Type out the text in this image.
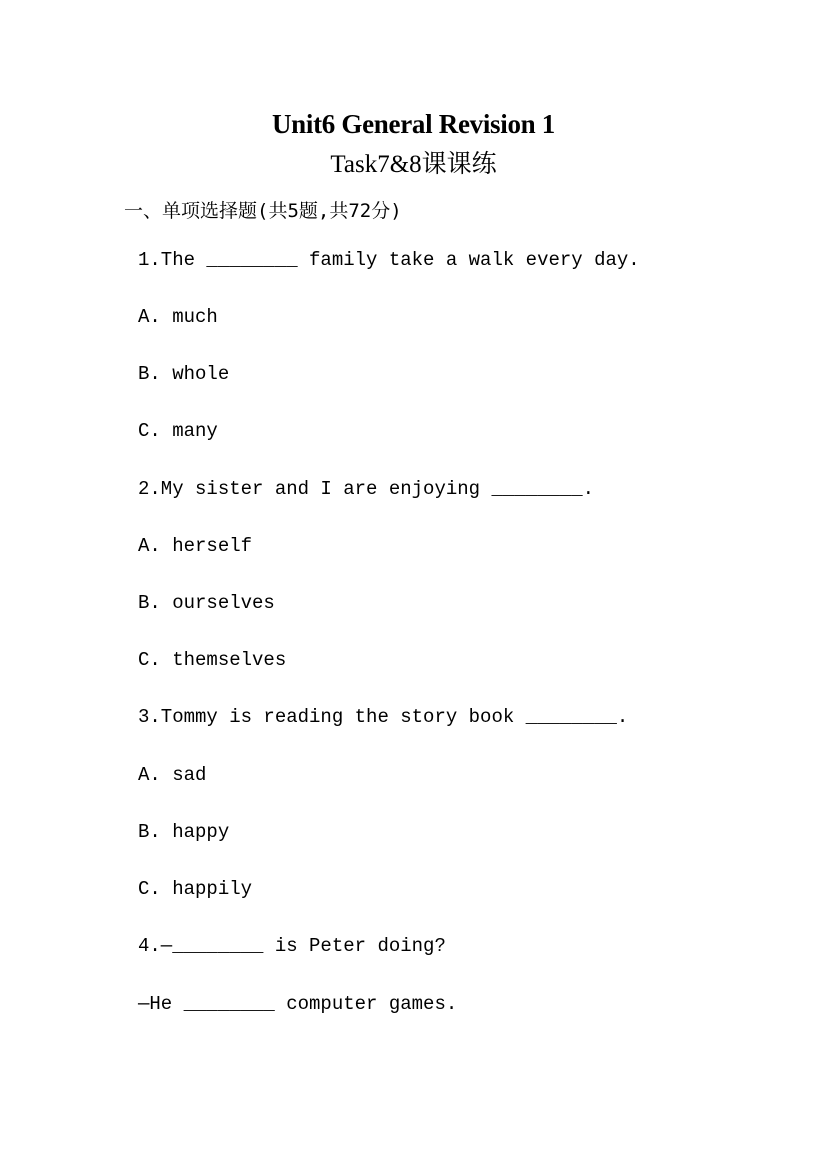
Unit6 General Revision 1
Task7&8课课练
一、单项选择题(共5题,共72分)
1.The ________ family take a walk every day.
A. much
B. whole
C. many
2.My sister and I are enjoying ________.
A. herself
B. ourselves
C. themselves
3.Tommy is reading the story book ________.
A. sad
B. happy
C. happily
4.—________ is Peter doing?
—He ________ computer games.
